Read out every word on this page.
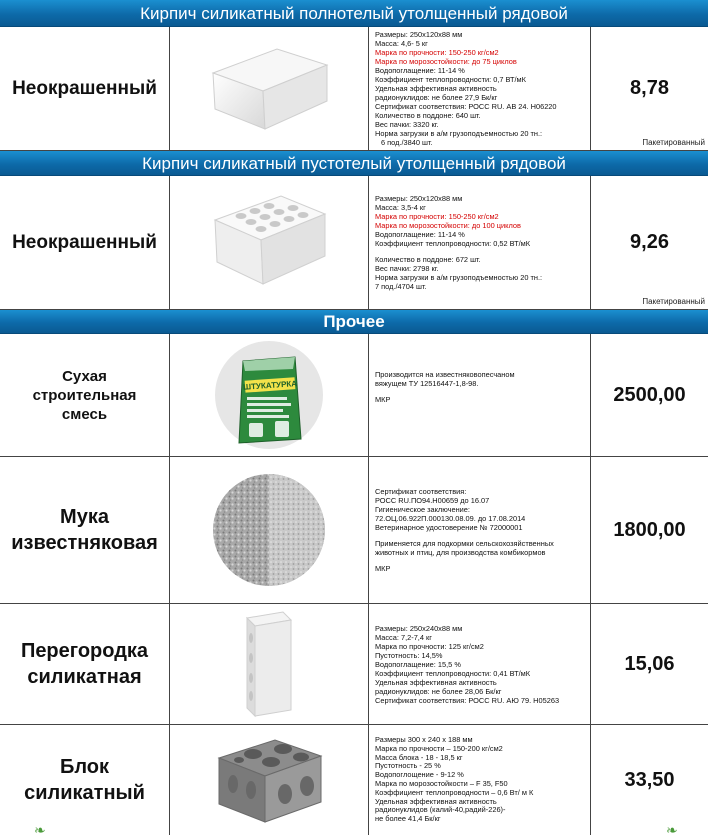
Кирпич силикатный полнотелый утолщенный рядовой
Неокрашенный
Размеры: 250х120х88 мм
Масса: 4,6- 5 кг
Марка по прочности: 150-250 кг/см2
Марка по морозостойкости: до 75 циклов
Водопоглащение: 11-14 %
Коэффициент теплопроводности: 0,7 ВТ/мК
Удельная эффективная активность
радионуклидов: не более 27,9 Бк/кг
Сертификат соответствия: РОСС RU. АВ 24. Н06220
Количество в поддоне: 640 шт.
Вес пачки: 3320 кг.
Норма загрузки в а/м грузоподъемностью 20 тн.:
6 под./3840 шт.
8,78
Пакетированный
Кирпич силикатный пустотелый утолщенный рядовой
Неокрашенный
Размеры: 250х120х88 мм
Масса: 3,5-4 кг
Марка по прочности: 150-250 кг/см2
Марка по морозостойкости: до 100 циклов
Водопоглащение: 11-14 %
Коэффициент теплопроводности: 0,52 ВТ/мК
Количество в поддоне: 672 шт.
Вес пачки: 2798 кг.
Норма загрузки в а/м грузоподъемностью 20 тн.:
7 под./4704 шт.
9,26
Пакетированный
Прочее
Сухая строительная смесь
ШТУКАТУРКА
Производится на известняковопесчаном
вяжущем ТУ 12516447-1,8-98.
МКР	2500,00
Мука известняковая
Сертификат соответствия:
РОСС RU.ПО94.Н00659 до 16.07
Гигиеническое заключение:
72.ОЦ.06.922П.000130.08.09. до 17.08.2014
Ветеринарное удостоверение № 72000001
Применяется для подкормки сельскохозяйственных
животных и птиц, для производства комбикормов
МКР
1800,00
Перегородка силикатная
Размеры: 250х240х88 мм
Масса: 7,2-7,4 кг
Марка по прочности: 125 кг/см2
Пустотность: 14,5%
Водопоглащение: 15,5 %
Коэффициент теплопроводности: 0,41 ВТ/мК
Удельная эффективная активность
радионуклидов: не более 28,06 Бк/кг
Сертификат соответствия: РОСС RU. АЮ 79. Н05263
15,06
Блок силикатный
Размеры 300 х 240 х 188 мм
Марка по прочности – 150-200 кг/см2
Масса блока - 18 - 18,5 кг
Пустотность - 25 %
Водопоглощение - 9-12 %
Марка по морозостойкости – F 35, F50
Коэффициент теплопроводности – 0,6 Вт/ м К
Удельная эффективная активность
радионуклидов (калий-40,радий-226)-
не более 41,4 Бк/кг
33,50
❧	❧
